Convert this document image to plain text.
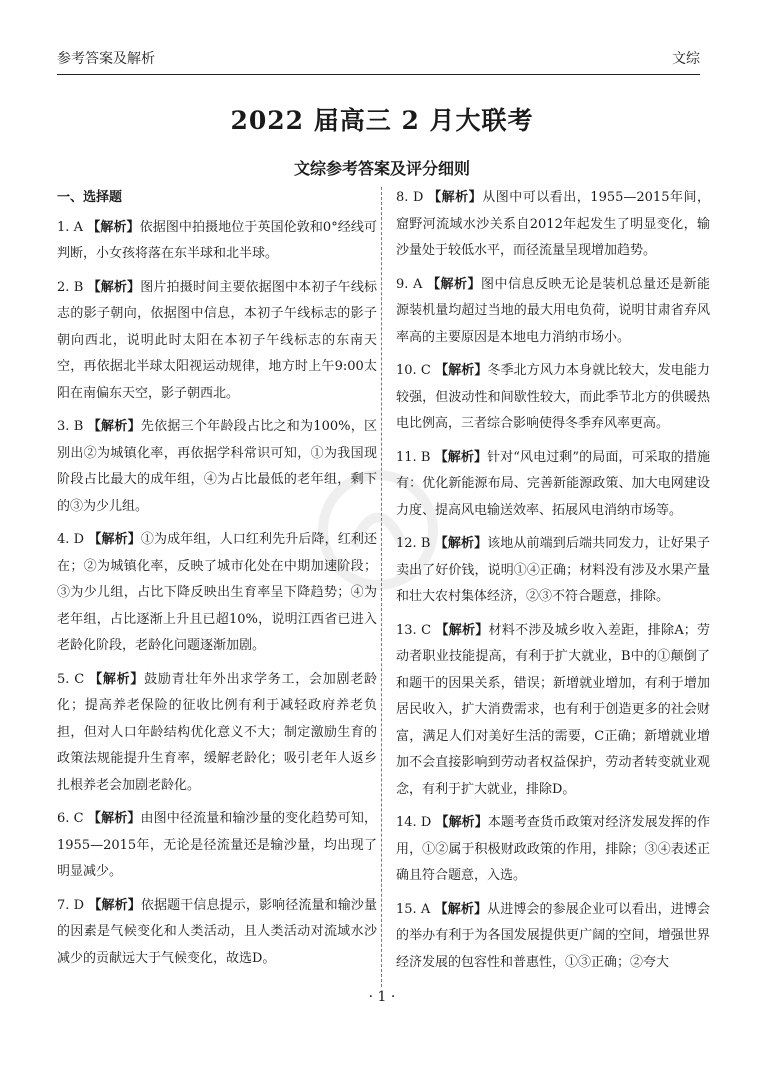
参考答案及解析	文综
2022 届高三 2 月大联考
文综参考答案及评分细则
一、选择题
1. A 【解析】依据图中拍摄地位于英国伦敦和0°经线可判断，小女孩将落在东半球和北半球。
2. B 【解析】图片拍摄时间主要依据图中本初子午线标志的影子朝向，依据图中信息，本初子午线标志的影子朝向西北，说明此时太阳在本初子午线标志的东南天空，再依据北半球太阳视运动规律，地方时上午9:00太阳在南偏东天空，影子朝西北。
3. B 【解析】先依据三个年龄段占比之和为100%，区别出②为城镇化率，再依据学科常识可知，①为我国现阶段占比最大的成年组，④为占比最低的老年组，剩下的③为少儿组。
4. D 【解析】①为成年组，人口红利先升后降，红利还在；②为城镇化率，反映了城市化处在中期加速阶段；③为少儿组，占比下降反映出生育率呈下降趋势；④为老年组，占比逐渐上升且已超10%，说明江西省已进入老龄化阶段，老龄化问题逐渐加剧。
5. C 【解析】鼓励青壮年外出求学务工，会加剧老龄化；提高养老保险的征收比例有利于减轻政府养老负担，但对人口年龄结构优化意义不大；制定激励生育的政策法规能提升生育率，缓解老龄化；吸引老年人返乡扎根养老会加剧老龄化。
6. C 【解析】由图中径流量和输沙量的变化趋势可知，1955—2015年，无论是径流量还是输沙量，均出现了明显减少。
7. D 【解析】依据题干信息提示，影响径流量和输沙量的因素是气候变化和人类活动，且人类活动对流域水沙减少的贡献远大于气候变化，故选D。
8. D 【解析】从图中可以看出，1955—2015年间，窟野河流域水沙关系自2012年起发生了明显变化，输沙量处于较低水平，而径流量呈现增加趋势。
9. A 【解析】图中信息反映无论是装机总量还是新能源装机量均超过当地的最大用电负荷，说明甘肃省弃风率高的主要原因是本地电力消纳市场小。
10. C 【解析】冬季北方风力本身就比较大，发电能力较强，但波动性和间歇性较大，而此季节北方的供暖热电比例高，三者综合影响使得冬季弃风率更高。
11. B 【解析】针对“风电过剩”的局面，可采取的措施有：优化新能源布局、完善新能源政策、加大电网建设力度、提高风电输送效率、拓展风电消纳市场等。
12. B 【解析】该地从前端到后端共同发力，让好果子卖出了好价钱，说明①④正确；材料没有涉及水果产量和壮大农村集体经济，②③不符合题意，排除。
13. C 【解析】材料不涉及城乡收入差距，排除A；劳动者职业技能提高，有利于扩大就业，B中的①颠倒了和题干的因果关系，错误；新增就业增加，有利于增加居民收入，扩大消费需求，也有利于创造更多的社会财富，满足人们对美好生活的需要，C正确；新增就业增加不会直接影响到劳动者权益保护，劳动者转变就业观念，有利于扩大就业，排除D。
14. D 【解析】本题考查货币政策对经济发展发挥的作用，①②属于积极财政政策的作用，排除；③④表述正确且符合题意，入选。
15. A 【解析】从进博会的参展企业可以看出，进博会的举办有利于为各国发展提供更广阔的空间，增强世界经济发展的包容性和普惠性，①③正确；②夸大
· 1 ·
